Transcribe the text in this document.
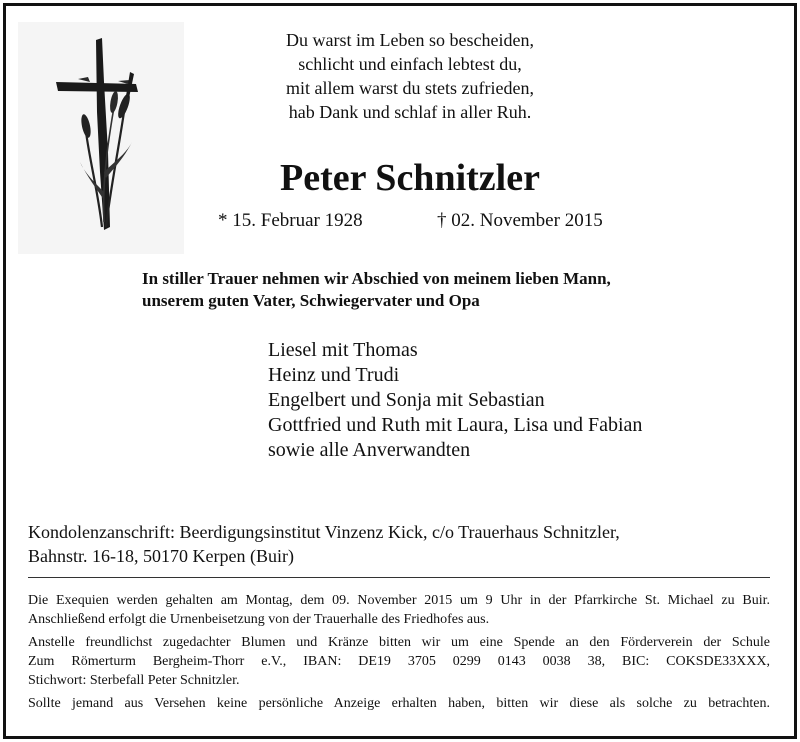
Du warst im Leben so bescheiden,
schlicht und einfach lebtest du,
mit allem warst du stets zufrieden,
hab Dank und schlaf in aller Ruh.
Peter Schnitzler
* 15. Februar 1928	† 02. November 2015
In stiller Trauer nehmen wir Abschied von meinem lieben Mann,
unserem guten Vater, Schwiegervater und Opa
Liesel mit Thomas
Heinz und Trudi
Engelbert und Sonja mit Sebastian
Gottfried und Ruth mit Laura, Lisa und Fabian
sowie alle Anverwandten
Kondolenzanschrift: Beerdigungsinstitut Vinzenz Kick, c/o Trauerhaus Schnitzler,
Bahnstr. 16-18, 50170 Kerpen (Buir)

Die Exequien werden gehalten am Montag, dem 09. November 2015 um 9 Uhr in der Pfarrkirche St. Michael zu Buir.

Anschließend erfolgt die Urnenbeisetzung von der Trauerhalle des Friedhofes aus.

Anstelle freundlichst zugedachter Blumen und Kränze bitten wir um eine Spende an den Förderverein der Schule

Zum Römerturm Bergheim-Thorr e.V., IBAN: DE19 3705 0299 0143 0038 38, BIC: COKSDE33XXX,

Stichwort: Sterbefall Peter Schnitzler.

Sollte jemand aus Versehen keine persönliche Anzeige erhalten haben, bitten wir diese als solche zu betrachten.
